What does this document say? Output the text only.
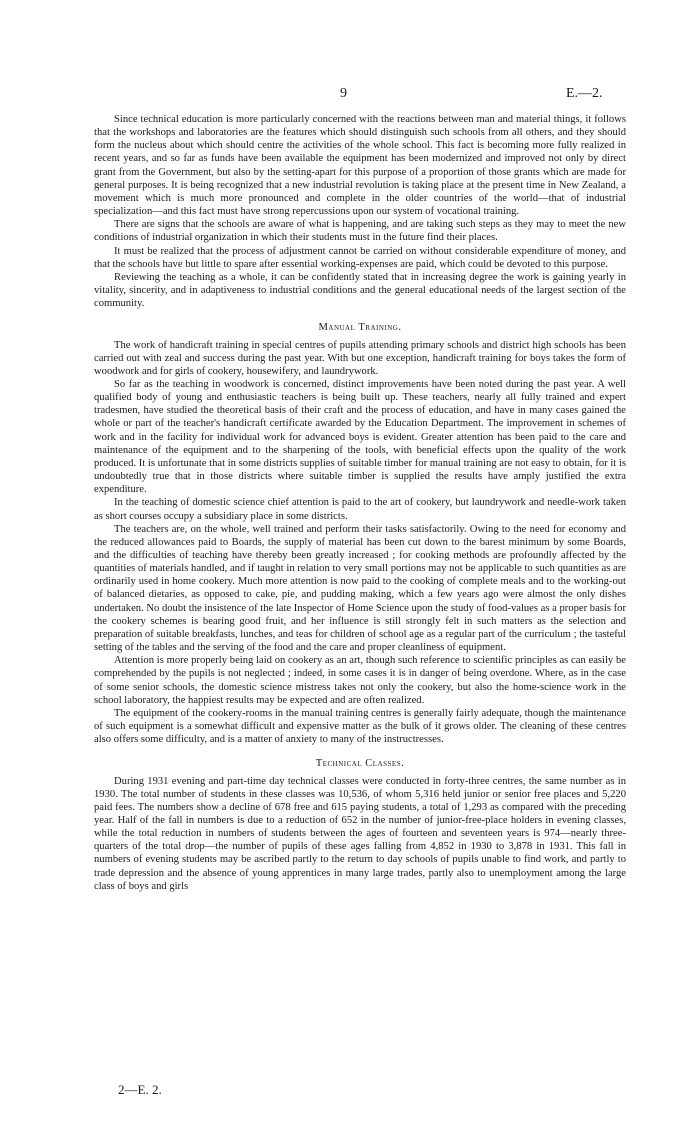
9	E.—2.

Since technical education is more particularly concerned with the reactions between man and material things, it follows that the workshops and laboratories are the features which should distinguish such schools from all others, and they should form the nucleus about which should centre the activities of the whole school. This fact is becoming more fully realized in recent years, and so far as funds have been available the equipment has been modernized and improved not only by direct grant from the Government, but also by the setting-apart for this purpose of a proportion of those grants which are made for general purposes. It is being recognized that a new industrial revolution is taking place at the present time in New Zealand, a movement which is much more pronounced and complete in the older countries of the world—that of industrial specialization—and this fact must have strong repercussions upon our system of vocational training.

There are signs that the schools are aware of what is happening, and are taking such steps as they may to meet the new conditions of industrial organization in which their students must in the future find their places.

It must be realized that the process of adjustment cannot be carried on without considerable expenditure of money, and that the schools have but little to spare after essential working-expenses are paid, which could be devoted to this purpose.

Reviewing the teaching as a whole, it can be confidently stated that in increasing degree the work is gaining yearly in vitality, sincerity, and in adaptiveness to industrial conditions and the general educational needs of the largest section of the community.

Manual Training.

The work of handicraft training in special centres of pupils attending primary schools and district high schools has been carried out with zeal and success during the past year. With but one exception, handicraft training for boys takes the form of woodwork and for girls of cookery, housewifery, and laundrywork.

So far as the teaching in woodwork is concerned, distinct improvements have been noted during the past year. A well qualified body of young and enthusiastic teachers is being built up. These teachers, nearly all fully trained and expert tradesmen, have studied the theoretical basis of their craft and the process of education, and have in many cases gained the whole or part of the teacher's handicraft certificate awarded by the Education Department. The improvement in schemes of work and in the facility for individual work for advanced boys is evident. Greater attention has been paid to the care and maintenance of the equipment and to the sharpening of the tools, with beneficial effects upon the quality of the work produced. It is unfortunate that in some districts supplies of suitable timber for manual training are not easy to obtain, for it is undoubtedly true that in those districts where suitable timber is supplied the results have amply justified the extra expenditure.

In the teaching of domestic science chief attention is paid to the art of cookery, but laundrywork and needle-work taken as short courses occupy a subsidiary place in some districts.

The teachers are, on the whole, well trained and perform their tasks satisfactorily. Owing to the need for economy and the reduced allowances paid to Boards, the supply of material has been cut down to the barest minimum by some Boards, and the difficulties of teaching have thereby been greatly increased ; for cooking methods are profoundly affected by the quantities of materials handled, and if taught in relation to very small portions may not be applicable to such quantities as are ordinarily used in home cookery. Much more attention is now paid to the cooking of complete meals and to the working-out of balanced dietaries, as opposed to cake, pie, and pudding making, which a few years ago were almost the only dishes undertaken. No doubt the insistence of the late Inspector of Home Science upon the study of food-values as a proper basis for the cookery schemes is bearing good fruit, and her influence is still strongly felt in such matters as the selection and preparation of suitable breakfasts, lunches, and teas for children of school age as a regular part of the curriculum ; the tasteful setting of the tables and the serving of the food and the care and proper cleanliness of equipment.

Attention is more properly being laid on cookery as an art, though such reference to scientific principles as can easily be comprehended by the pupils is not neglected ; indeed, in some cases it is in danger of being overdone. Where, as in the case of some senior schools, the domestic science mistress takes not only the cookery, but also the home-science work in the school laboratory, the happiest results may be expected and are often realized.

The equipment of the cookery-rooms in the manual training centres is generally fairly adequate, though the maintenance of such equipment is a somewhat difficult and expensive matter as the bulk of it grows older. The cleaning of these centres also offers some difficulty, and is a matter of anxiety to many of the instructresses.

Technical Classes.

During 1931 evening and part-time day technical classes were conducted in forty-three centres, the same number as in 1930. The total number of students in these classes was 10,536, of whom 5,316 held junior or senior free places and 5,220 paid fees. The numbers show a decline of 678 free and 615 paying students, a total of 1,293 as compared with the preceding year. Half of the fall in numbers is due to a reduction of 652 in the number of junior-free-place holders in evening classes, while the total reduction in numbers of students between the ages of fourteen and seventeen years is 974—nearly three-quarters of the total drop—the number of pupils of these ages falling from 4,852 in 1930 to 3,878 in 1931. This fall in numbers of evening students may be ascribed partly to the return to day schools of pupils unable to find work, and partly to trade depression and the absence of young apprentices in many large trades, partly also to unemployment among the large class of boys and girls

2—E. 2.
